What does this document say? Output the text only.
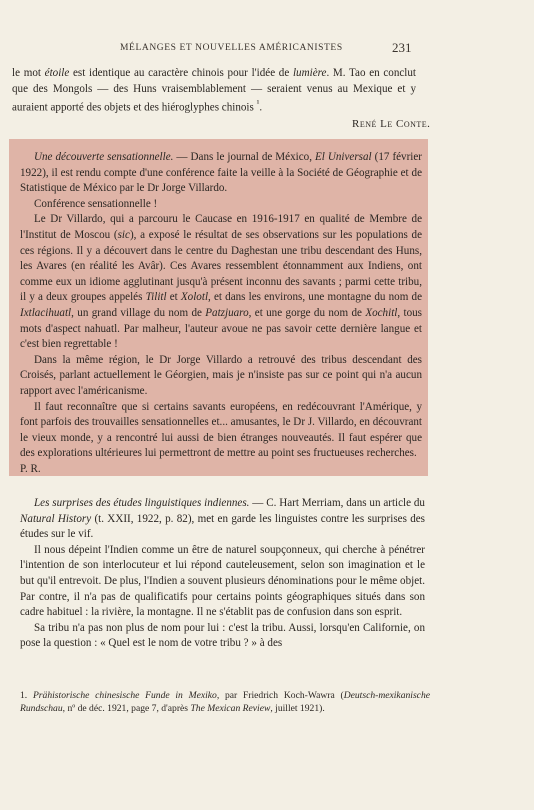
MÉLANGES ET NOUVELLES AMÉRICANISTES	231

le mot étoile est identique au caractère chinois pour l'idée de lumière. M. Tao en conclut que des Mongols — des Huns vraisemblablement — seraient venus au Mexique et y auraient apporté des objets et des hiéroglyphes chinois $^{^1}$.

René Le Conte.

Une découverte sensationnelle. — Dans le journal de México, El Universal (17 février 1922), il est rendu compte d'une conférence faite la veille à la Société de Géographie et de Statistique de México par le Dr Jorge Villardo.

Conférence sensationnelle !

Le Dr Villardo, qui a parcouru le Caucase en 1916-1917 en qualité de Membre de l'Institut de Moscou (sic), a exposé le résultat de ses observations sur les populations de ces régions. Il y a découvert dans le centre du Daghestan une tribu descendant des Huns, les Avares (en réalité les Avâr). Ces Avares ressemblent étonnamment aux Indiens, ont comme eux un idiome agglutinant jusqu'à présent inconnu des savants ; parmi cette tribu, il y a deux groupes appelés Tilitl et Xolotl, et dans les environs, une montagne du nom de Ixtlacihuatl, un grand village du nom de Patzjuaro, et une gorge du nom de Xochitl, tous mots d'aspect nahuatl. Par malheur, l'auteur avoue ne pas savoir cette dernière langue et c'est bien regrettable !

Dans la même région, le Dr Jorge Villardo a retrouvé des tribus descendant des Croisés, parlant actuellement le Géorgien, mais je n'insiste pas sur ce point qui n'a aucun rapport avec l'américanisme.

Il faut reconnaître que si certains savants européens, en redécouvrant l'Amérique, y font parfois des trouvailles sensationnelles et... amusantes, le Dr J. Villardo, en découvrant le vieux monde, y a rencontré lui aussi de bien étranges nouveautés. Il faut espérer que des explorations ultérieures lui permettront de mettre au point ses fructueuses recherches.

P. R.

Les surprises des études linguistiques indiennes. — C. Hart Merriam, dans un article du Natural History (t. XXII, 1922, p. 82), met en garde les linguistes contre les surprises des études sur le vif.

Il nous dépeint l'Indien comme un être de naturel soupçonneux, qui cherche à pénétrer l'intention de son interlocuteur et lui répond cauteleusement, selon son imagination et le but qu'il entrevoit. De plus, l'Indien a souvent plusieurs dénominations pour le même objet. Par contre, il n'a pas de qualificatifs pour certains points géographiques situés dans son cadre habituel : la rivière, la montagne. Il ne s'établit pas de confusion dans son esprit.

Sa tribu n'a pas non plus de nom pour lui : c'est la tribu. Aussi, lorsqu'en Californie, on pose la question : « Quel est le nom de votre tribu ? » à des

1. Prähistorische chinesische Funde in Mexiko, par Friedrich Koch-Wawra (Deutsch-mexikanische Rundschau, nº de déc. 1921, page 7, d'après The Mexican Review, juillet 1921).
